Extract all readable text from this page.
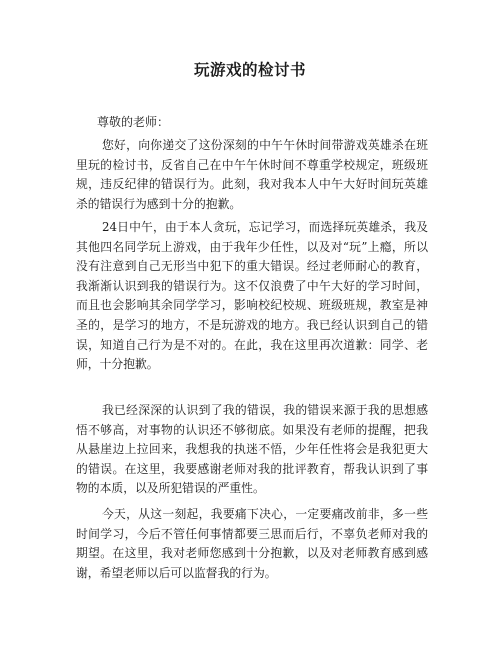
玩游戏的检讨书
尊敬的老师：

您好，向你递交了这份深刻的中午午休时间带游戏英雄杀在班里玩的检讨书，反省自己在中午午休时间不尊重学校规定，班级班规，违反纪律的错误行为。此刻，我对我本人中午大好时间玩英雄杀的错误行为感到十分的抱歉。

24日中午，由于本人贪玩，忘记学习，而选择玩英雄杀，我及其他四名同学玩上游戏，由于我年少任性，以及对“玩”上瘾，所以没有注意到自己无形当中犯下的重大错误。经过老师耐心的教育，我渐渐认识到我的错误行为。这不仅浪费了中午大好的学习时间，而且也会影响其余同学学习，影响校纪校规、班级班规，教室是神圣的，是学习的地方，不是玩游戏的地方。我已经认识到自己的错误，知道自己行为是不对的。在此，我在这里再次道歉：同学、老师，十分抱歉。

我已经深深的认识到了我的错误，我的错误来源于我的思想感悟不够高，对事物的认识还不够彻底。如果没有老师的提醒，把我从悬崖边上拉回来，我想我的执迷不悟，少年任性将会是我犯更大的错误。在这里，我要感谢老师对我的批评教育，帮我认识到了事物的本质，以及所犯错误的严重性。

今天，从这一刻起，我要痛下决心，一定要痛改前非，多一些时间学习，今后不管任何事情都要三思而后行，不辜负老师对我的期望。在这里，我对老师您感到十分抱歉，以及对老师教育感到感谢，希望老师以后可以监督我的行为。
